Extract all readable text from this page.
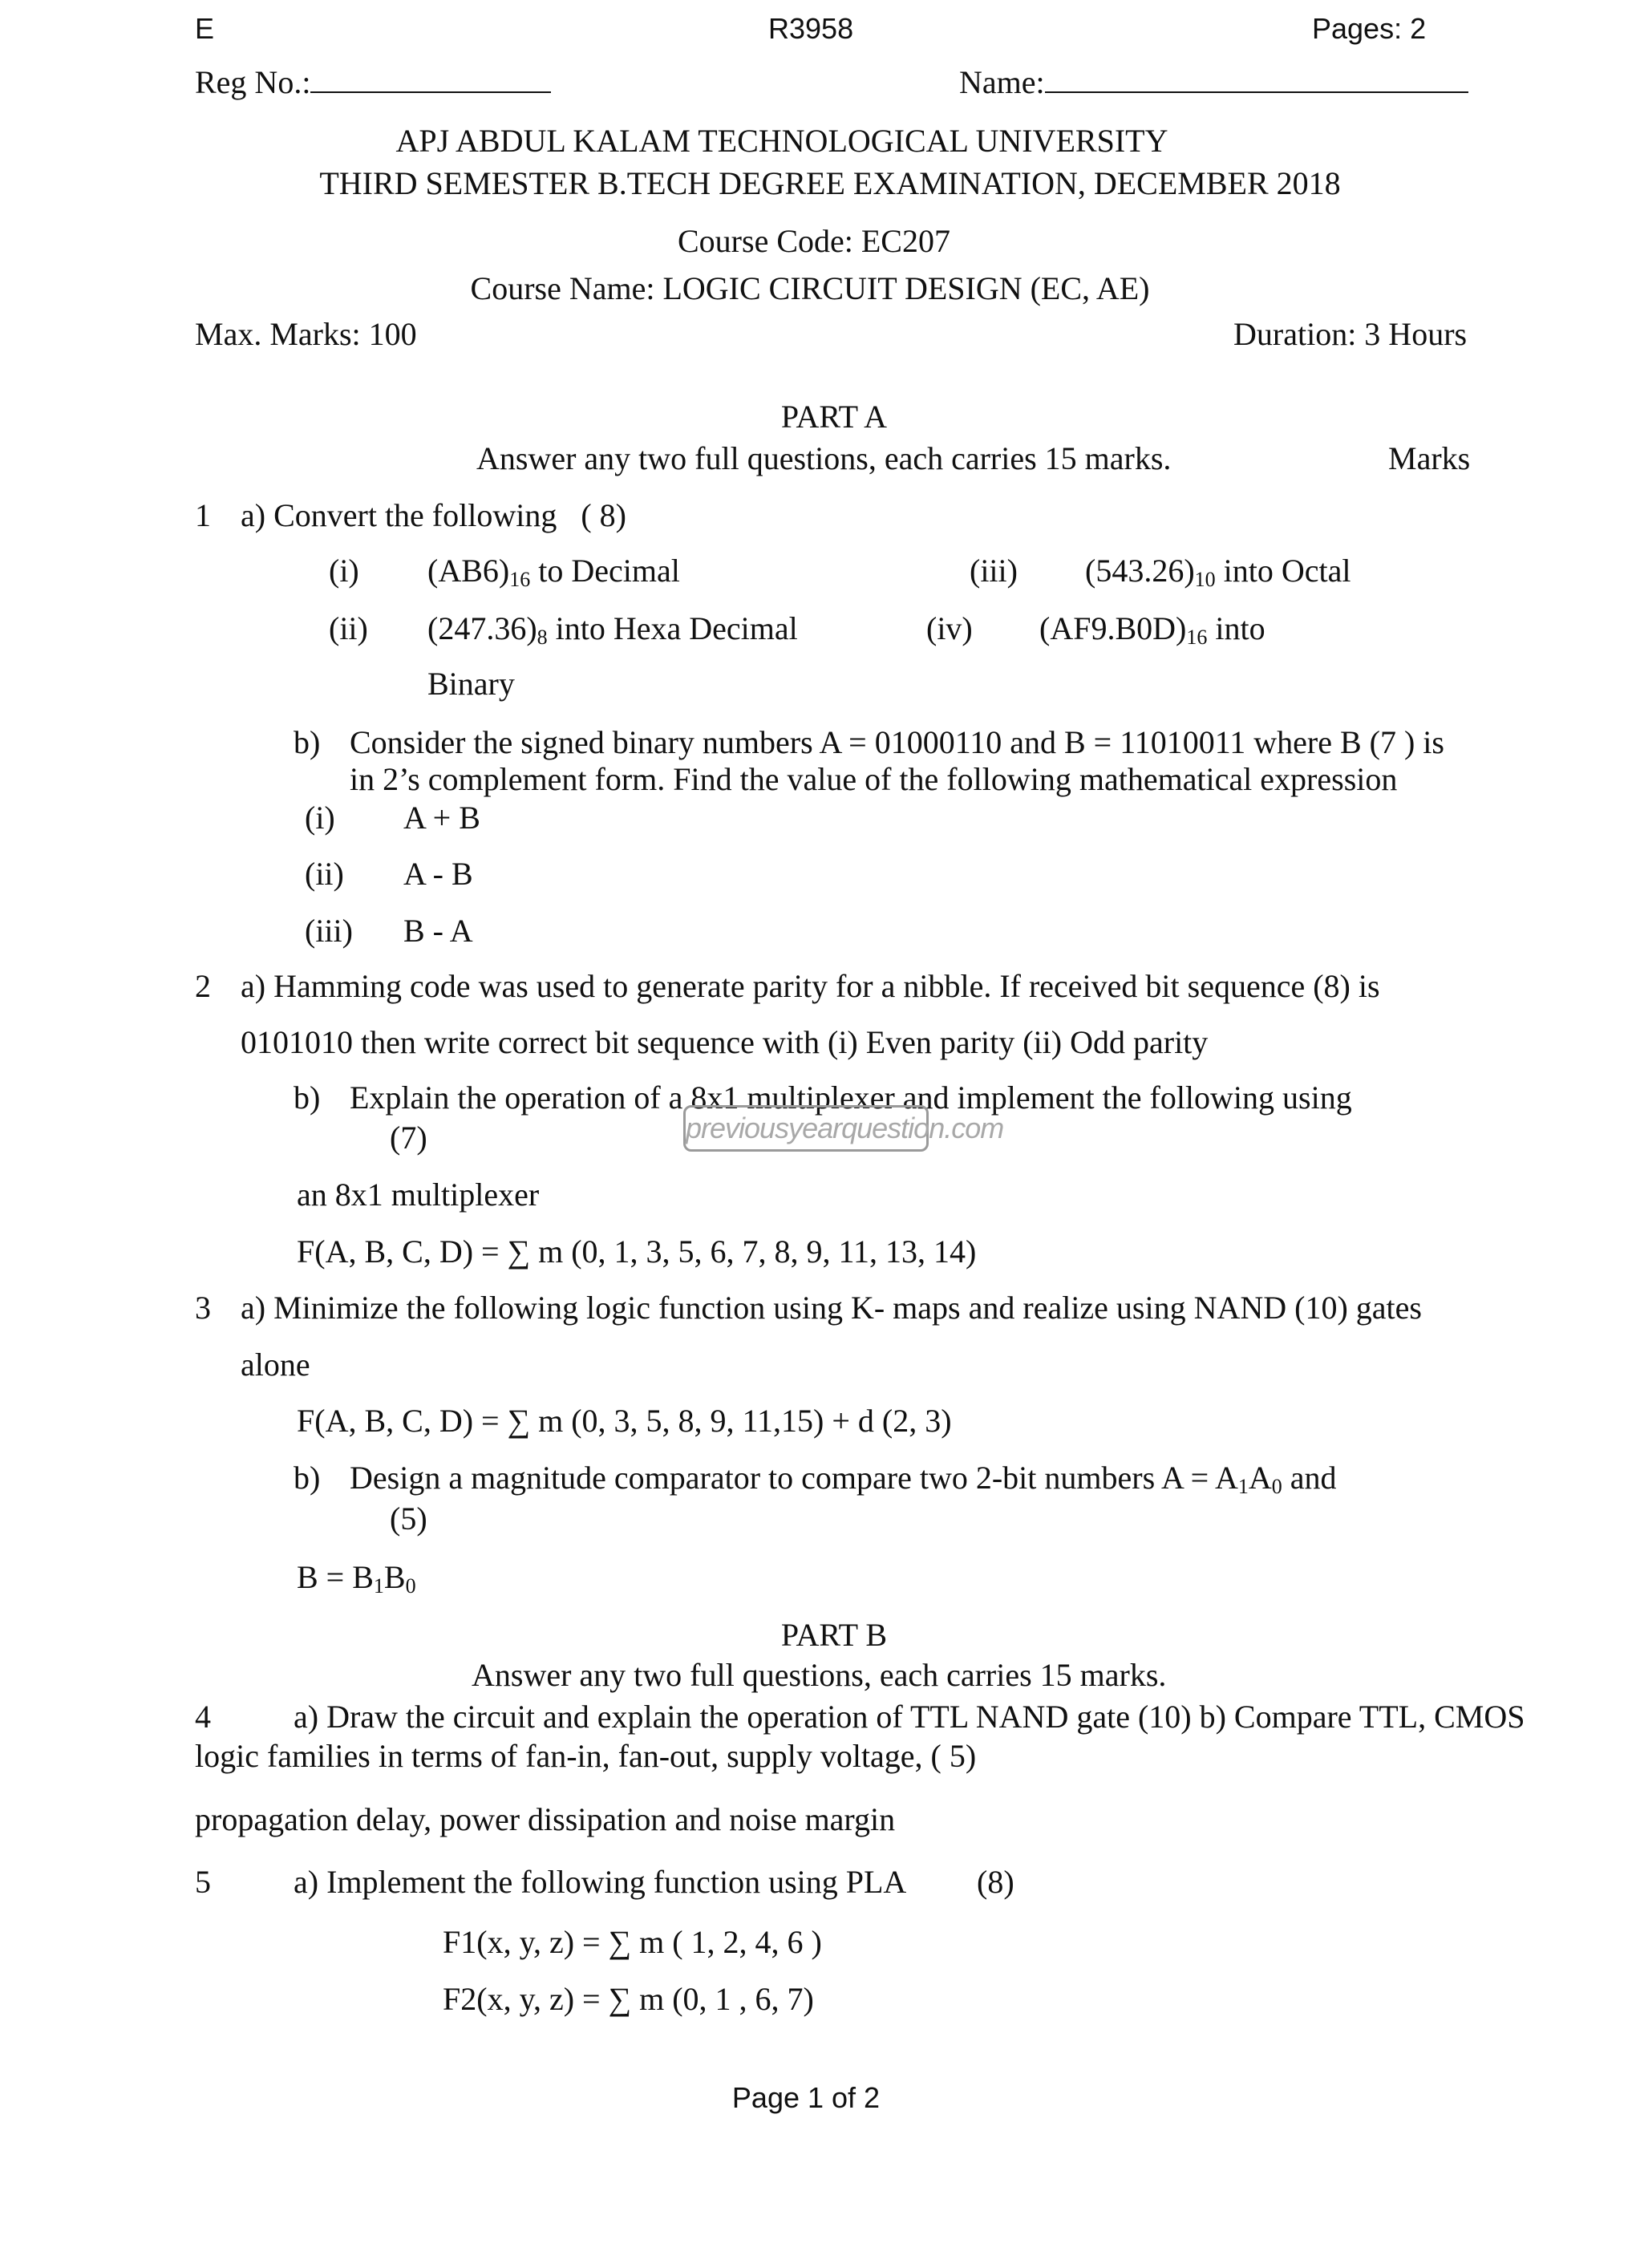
E	R3958	Pages: 2
Reg No.:	Name:
APJ ABDUL KALAM TECHNOLOGICAL UNIVERSITY
THIRD SEMESTER B.TECH DEGREE EXAMINATION, DECEMBER 2018
Course Code: EC207
Course Name: LOGIC CIRCUIT DESIGN (EC, AE)
Max. Marks: 100	Duration: 3 Hours
PART A
Answer any two full questions, each carries 15 marks.	Marks
1 a) Convert the following ( 8)
(i) $(AB6)_{16}$ to Decimal	(iii) $(543.26)_{10}$ into Octal
(ii) $(247.36)_8$ into Hexa Decimal	(iv) $(AF9.B0D)_{16}$ into
Binary
b) Consider the signed binary numbers A = 01000110 and B = 11010011 where B (7 ) is
in 2’s complement form. Find the value of the following mathematical expression
(i) A + B
(ii) A - B
(iii) B - A
2 a) Hamming code was used to generate parity for a nibble. If received bit sequence (8) is
0101010 then write correct bit sequence with (i) Even parity (ii) Odd parity
b) Explain the operation of a 8x1 multiplexer and implement the following using
(7)	previousyearquestion.com
an 8x1 multiplexer
F(A, B, C, D) = ∑ m (0, 1, 3, 5, 6, 7, 8, 9, 11, 13, 14)
3 a) Minimize the following logic function using K- maps and realize using NAND (10) gates
alone
F(A, B, C, D) = ∑ m (0, 3, 5, 8, 9, 11,15) + d (2, 3)
b) Design a magnitude comparator to compare two 2-bit numbers $A = A_1A_0$ and
(5)
$B = B_1B_0$
PART B
Answer any two full questions, each carries 15 marks.
4	a) Draw the circuit and explain the operation of TTL NAND gate (10) b) Compare TTL, CMOS
logic families in terms of fan-in, fan-out, supply voltage, ( 5)
propagation delay, power dissipation and noise margin
5	a) Implement the following function using PLA (8)
F1(x, y, z) = ∑ m ( 1, 2, 4, 6 )
F2(x, y, z) = ∑ m (0, 1 , 6, 7)
Page 1 of 2
